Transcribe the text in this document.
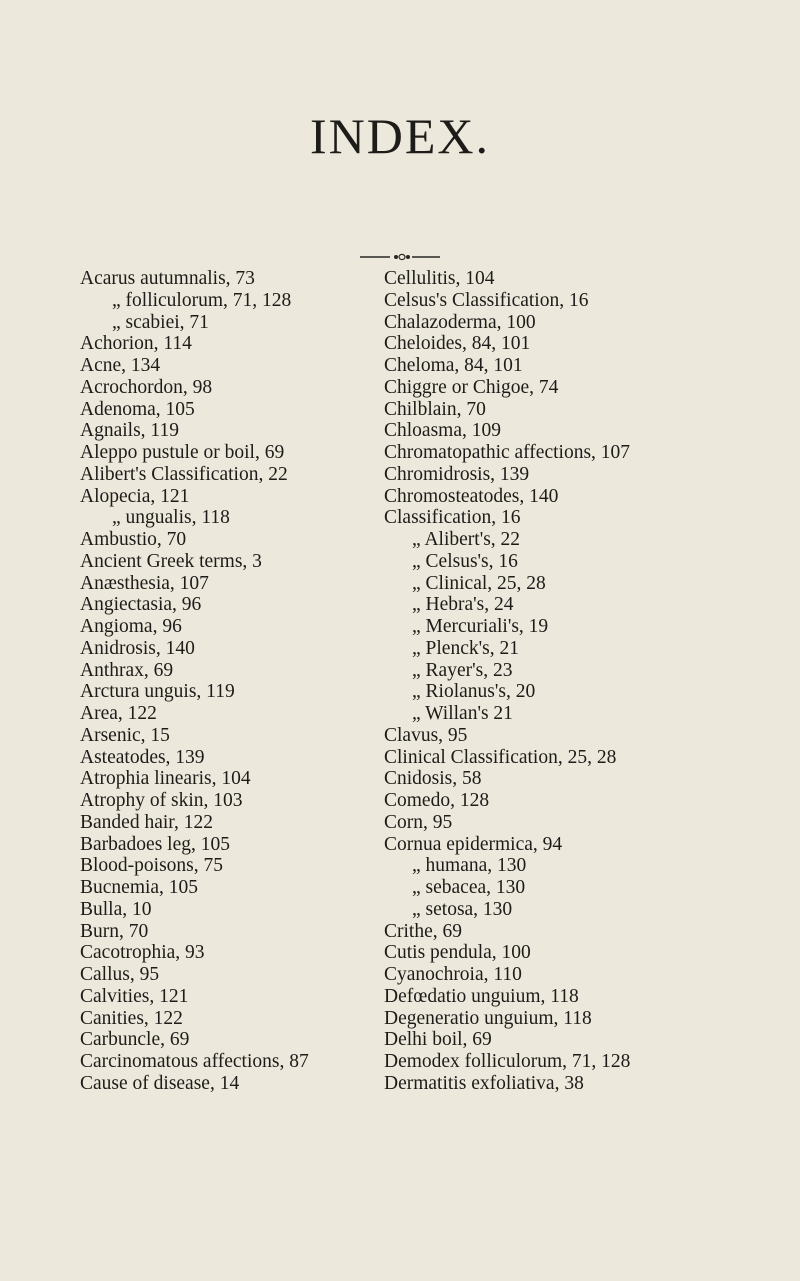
INDEX.
Acarus autumnalis, 73
„ folliculorum, 71, 128
„ scabiei, 71
Achorion, 114
Acne, 134
Acrochordon, 98
Adenoma, 105
Agnails, 119
Aleppo pustule or boil, 69
Alibert's Classification, 22
Alopecia, 121
„ ungualis, 118
Ambustio, 70
Ancient Greek terms, 3
Anæsthesia, 107
Angiectasia, 96
Angioma, 96
Anidrosis, 140
Anthrax, 69
Arctura unguis, 119
Area, 122
Arsenic, 15
Asteatodes, 139
Atrophia linearis, 104
Atrophy of skin, 103
Banded hair, 122
Barbadoes leg, 105
Blood-poisons, 75
Bucnemia, 105
Bulla, 10
Burn, 70
Cacotrophia, 93
Callus, 95
Calvities, 121
Canities, 122
Carbuncle, 69
Carcinomatous affections, 87
Cause of disease, 14
Cellulitis, 104
Celsus's Classification, 16
Chalazoderma, 100
Cheloides, 84, 101
Cheloma, 84, 101
Chiggre or Chigoe, 74
Chilblain, 70
Chloasma, 109
Chromatopathic affections, 107
Chromidrosis, 139
Chromosteatodes, 140
Classification, 16
„ Alibert's, 22
„ Celsus's, 16
„ Clinical, 25, 28
„ Hebra's, 24
„ Mercuriali's, 19
„ Plenck's, 21
„ Rayer's, 23
„ Riolanus's, 20
„ Willan's 21
Clavus, 95
Clinical Classification, 25, 28
Cnidosis, 58
Comedo, 128
Corn, 95
Cornua epidermica, 94
„ humana, 130
„ sebacea, 130
„ setosa, 130
Crithe, 69
Cutis pendula, 100
Cyanochroia, 110
Defœdatio unguium, 118
Degeneratio unguium, 118
Delhi boil, 69
Demodex folliculorum, 71, 128
Dermatitis exfoliativa, 38
